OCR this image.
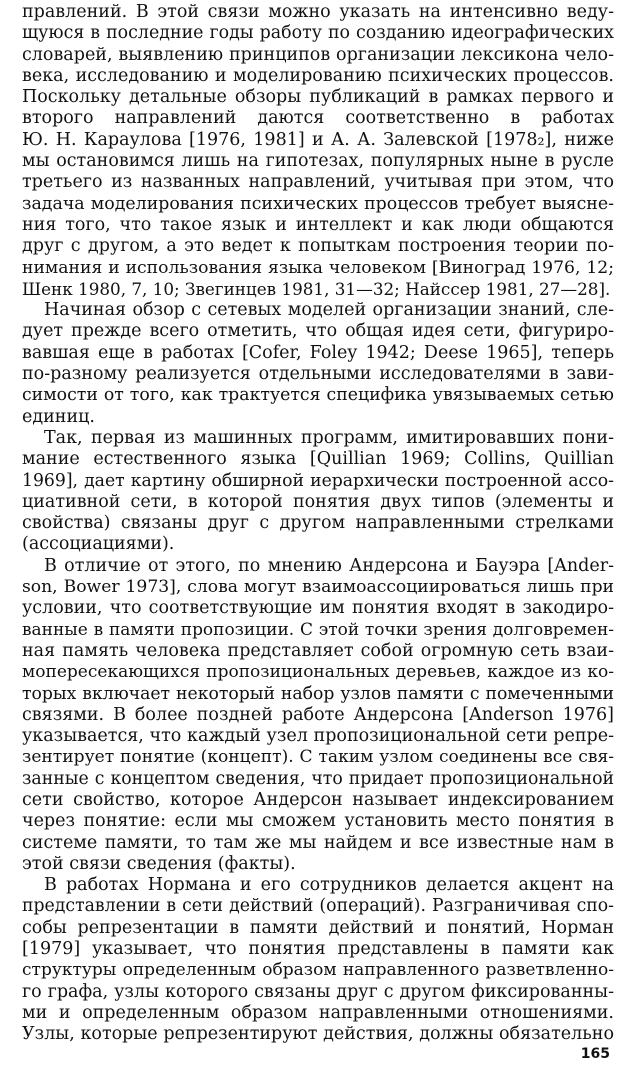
правлений. В этой связи можно указать на интенсивно веду-
щуюся в последние годы работу по созданию идеографических
словарей, выявлению принципов организации лексикона чело-
века, исследованию и моделированию психических процессов.
Поскольку детальные обзоры публикаций в рамках первого и
второго направлений даются соответственно в работах
Ю. Н. Караулова [1976, 1981] и А. А. Залевской [1978₂], ниже
мы остановимся лишь на гипотезах, популярных ныне в русле
третьего из названных направлений, учитывая при этом, что
задача моделирования психических процессов требует выясне-
ния того, что такое язык и интеллект и как люди общаются
друг с другом, а это ведет к попыткам построения теории по-
нимания и использования языка человеком [Виноград 1976, 12;
Шенк 1980, 7, 10; Звегинцев 1981, 31—32; Найссер 1981, 27—28].
Начиная обзор с сетевых моделей организации знаний, сле-
дует прежде всего отметить, что общая идея сети, фигуриро-
вавшая еще в работах [Cofer, Foley 1942; Deese 1965], теперь
по-разному реализуется отдельными исследователями в зави-
симости от того, как трактуется специфика увязываемых сетью
единиц.
Так, первая из машинных программ, имитировавших пони-
мание естественного языка [Quillian 1969; Collins, Quillian
1969], дает картину обширной иерархически построенной ассо-
циативной сети, в которой понятия двух типов (элементы и
свойства) связаны друг с другом направленными стрелками
(ассоциациями).
В отличие от этого, по мнению Андерсона и Бауэра [Ander-
son, Bower 1973], слова могут взаимоассоциироваться лишь при
условии, что соответствующие им понятия входят в закодиро-
ванные в памяти пропозиции. С этой точки зрения долговремен-
ная память человека представляет собой огромную сеть взаи-
мопересекающихся пропозициональных деревьев, каждое из ко-
торых включает некоторый набор узлов памяти с помеченными
связями. В более поздней работе Андерсона [Anderson 1976]
указывается, что каждый узел пропозициональной сети репре-
зентирует понятие (концепт). С таким узлом соединены все свя-
занные с концептом сведения, что придает пропозициональной
сети свойство, которое Андерсон называет индексированием
через понятие: если мы сможем установить место понятия в
системе памяти, то там же мы найдем и все известные нам в
этой связи сведения (факты).
В работах Нормана и его сотрудников делается акцент на
представлении в сети действий (операций). Разграничивая спо-
собы репрезентации в памяти действий и понятий, Норман
[1979] указывает, что понятия представлены в памяти как
структуры определенным образом направленного разветвленно-
го графа, узлы которого связаны друг с другом фиксированны-
ми и определенным образом направленными отношениями.
Узлы, которые репрезентируют действия, должны обязательно
165
